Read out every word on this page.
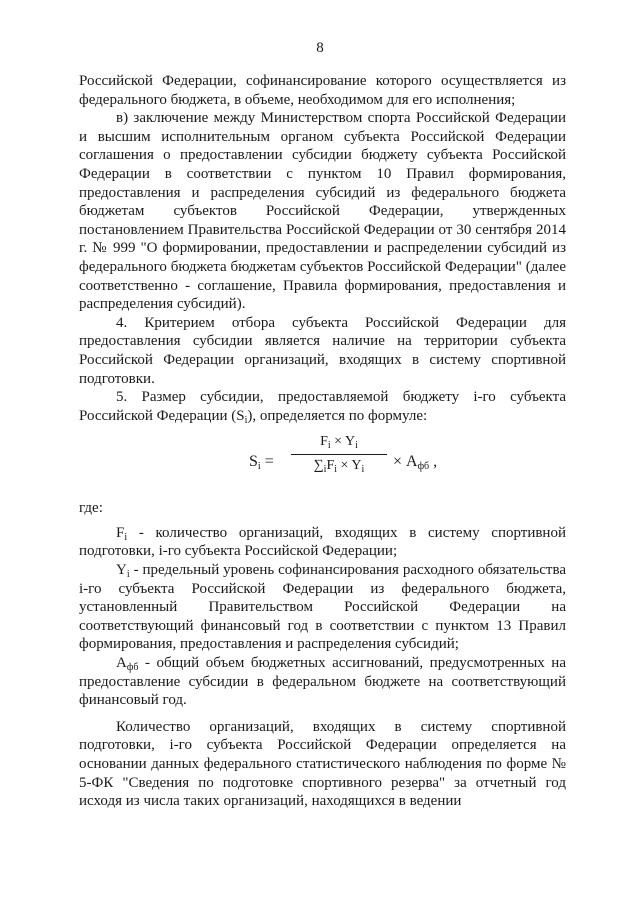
8

Российской Федерации, софинансирование которого осуществляется из федерального бюджета, в объеме, необходимом для его исполнения;

в) заключение между Министерством спорта Российской Федерации и высшим исполнительным органом субъекта Российской Федерации соглашения о предоставлении субсидии бюджету субъекта Российской Федерации в соответствии с пунктом 10 Правил формирования, предоставления и распределения субсидий из федерального бюджета бюджетам субъектов Российской Федерации, утвержденных постановлением Правительства Российской Федерации от 30 сентября 2014 г. № 999 "О формировании, предоставлении и распределении субсидий из федерального бюджета бюджетам субъектов Российской Федерации" (далее соответственно - соглашение, Правила формирования, предоставления и распределения субсидий).

4. Критерием отбора субъекта Российской Федерации для предоставления субсидии является наличие на территории субъекта Российской Федерации организаций, входящих в систему спортивной подготовки.

5. Размер субсидии, предоставляемой бюджету i-го субъекта Российской Федерации $(S_i)$, определяется по формуле:

$S_i$ =
$F_i \times Y_i$
$\sum_iF_i \times Y_i$	× $А_{фб}$ ,

где:

$F_i$ - количество организаций, входящих в систему спортивной подготовки, i-го субъекта Российской Федерации;

$Y_i$ - предельный уровень софинансирования расходного обязательства i-го субъекта Российской Федерации из федерального бюджета, установленный Правительством Российской Федерации на соответствующий финансовый год в соответствии с пунктом 13 Правил формирования, предоставления и распределения субсидий;

$А_{фб}$ - общий объем бюджетных ассигнований, предусмотренных на предоставление субсидии в федеральном бюджете на соответствующий финансовый год.

Количество организаций, входящих в систему спортивной подготовки, i-го субъекта Российской Федерации определяется на основании данных федерального статистического наблюдения по форме № 5-ФК "Сведения по подготовке спортивного резерва" за отчетный год исходя из числа таких организаций, находящихся в ведении
